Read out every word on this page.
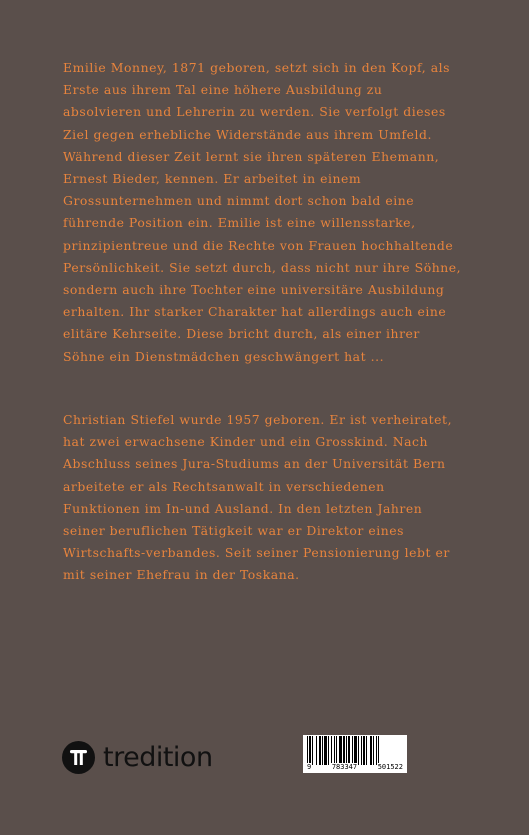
Emilie Monney, 1871 geboren, setzt sich in den Kopf, als Erste aus ihrem Tal eine höhere Ausbildung zu absolvieren und Lehrerin zu werden. Sie verfolgt dieses Ziel gegen erhebliche Widerstände aus ihrem Umfeld. Während dieser Zeit lernt sie ihren späteren Ehemann, Ernest Bieder, kennen. Er arbeitet in einem Grossunternehmen und nimmt dort schon bald eine führende Position ein. Emilie ist eine willensstarke, prinzipientreue und die Rechte von Frauen hochhaltende Persönlichkeit. Sie setzt durch, dass nicht nur ihre Söhne, sondern auch ihre Tochter eine universitäre Ausbildung erhalten. Ihr starker Charakter hat allerdings auch eine elitäre Kehrseite. Diese bricht durch, als einer ihrer Söhne ein Dienstmädchen geschwängert hat ...

Christian Stiefel wurde 1957 geboren. Er ist verheiratet, hat zwei erwachsene Kinder und ein Grosskind. Nach Abschluss seines Jura-Studiums an der Universität Bern arbeitete er als Rechtsanwalt in verschiedenen Funktionen im In-und Ausland. In den letzten Jahren seiner beruflichen Tätigkeit war er Direktor eines Wirtschafts-verbandes. Seit seiner Pensionierung lebt er mit seiner Ehefrau in der Toskana.

tredition	9	783347	501522
